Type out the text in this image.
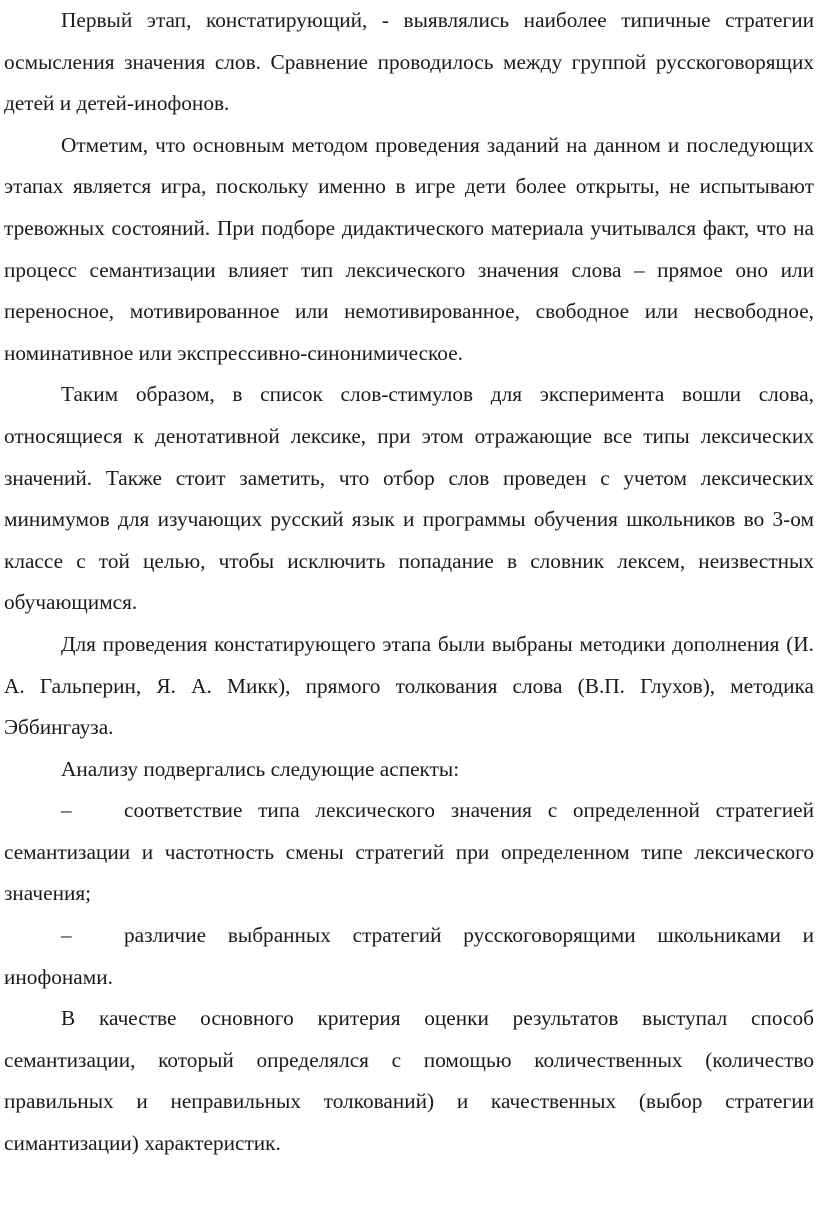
Первый этап, констатирующий, - выявлялись наиболее типичные стратегии осмысления значения слов. Сравнение проводилось между группой русскоговорящих детей и детей-инофонов.

Отметим, что основным методом проведения заданий на данном и последующих этапах является игра, поскольку именно в игре дети более открыты, не испытывают тревожных состояний. При подборе дидактического материала учитывался факт, что на процесс семантизации влияет тип лексического значения слова – прямое оно или переносное, мотивированное или немотивированное, свободное или несвободное, номинативное или экспрессивно-синонимическое.

Таким образом, в список слов-стимулов для эксперимента вошли слова, относящиеся к денотативной лексике, при этом отражающие все типы лексических значений. Также стоит заметить, что отбор слов проведен с учетом лексических минимумов для изучающих русский язык и программы обучения школьников во 3-ом классе с той целью, чтобы исключить попадание в словник лексем, неизвестных обучающимся.

Для проведения констатирующего этапа были выбраны методики дополнения (И. А. Гальперин, Я. А. Микк), прямого толкования слова (В.П. Глухов), методика Эббингауза.

Анализу подвергались следующие аспекты:

– соответствие типа лексического значения с определенной стратегией семантизации и частотность смены стратегий при определенном типе лексического значения;

– различие выбранных стратегий русскоговорящими школьниками и инофонами.

В качестве основного критерия оценки результатов выступал способ семантизации, который определялся с помощью количественных (количество правильных и неправильных толкований) и качественных (выбор стратегии симантизации) характеристик.
